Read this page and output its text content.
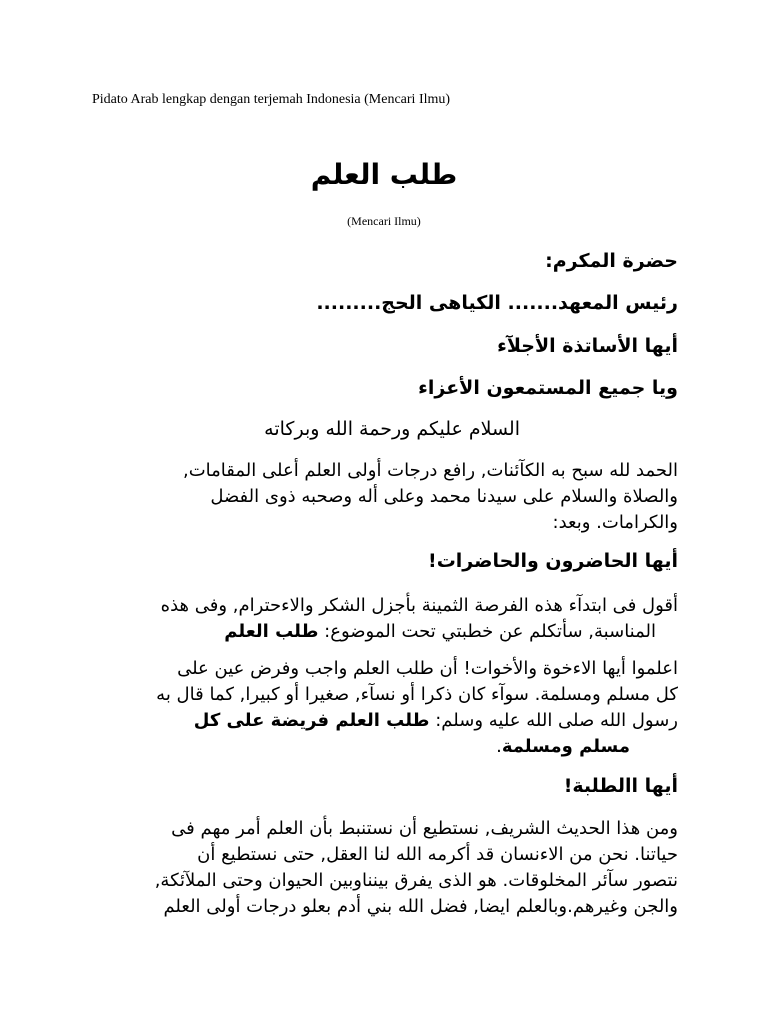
Pidato Arab lengkap dengan terjemah Indonesia (Mencari Ilmu)
طلب العلم
(Mencari Ilmu)
حضرة المكرم:
رئيس المعهد....... الكياهى الحج.........
أيها الأساتذة الأجلآء
ويا جميع المستمعون الأعزاء
السلام عليكم ورحمة الله وبركاته
الحمد لله سبح به الكآئنات, رافع درجات أولى العلم أعلى المقامات,
والصلاة والسلام على سيدنا محمد وعلى أله وصحبه ذوى الفضل
والكرامات. وبعد:
أيها الحاضرون والحاضرات!
أقول فى ابتدآء هذه الفرصة الثمينة بأجزل الشكر والاءحترام, وفى هذه
المناسبة, سأتكلم عن خطبتي تحت الموضوع: طلب العلم
اعلموا أيها الاءخوة والأخوات! أن طلب العلم واجب وفرض عين على
كل مسلم ومسلمة. سوآء كان ذكرا أو نسآء, صغيرا أو كبيرا, كما قال به
رسول الله صلى الله عليه وسلم: طلب العلم فريضة على كل
مسلم ومسلمة.
أيها االطلبة!
ومن هذا الحديث الشريف, نستطيع أن نستنبط بأن العلم أمر مهم فى
حياتنا. نحن من الاءنسان قد أكرمه الله لنا العقل, حتى نستطيع أن
نتصور سآئر المخلوقات. هو الذى يفرق بينناوبين الحيوان وحتى الملآئكة,
والجن وغيرهم.وبالعلم ايضا, فضل الله بني أدم بعلو درجات أولى العلم
